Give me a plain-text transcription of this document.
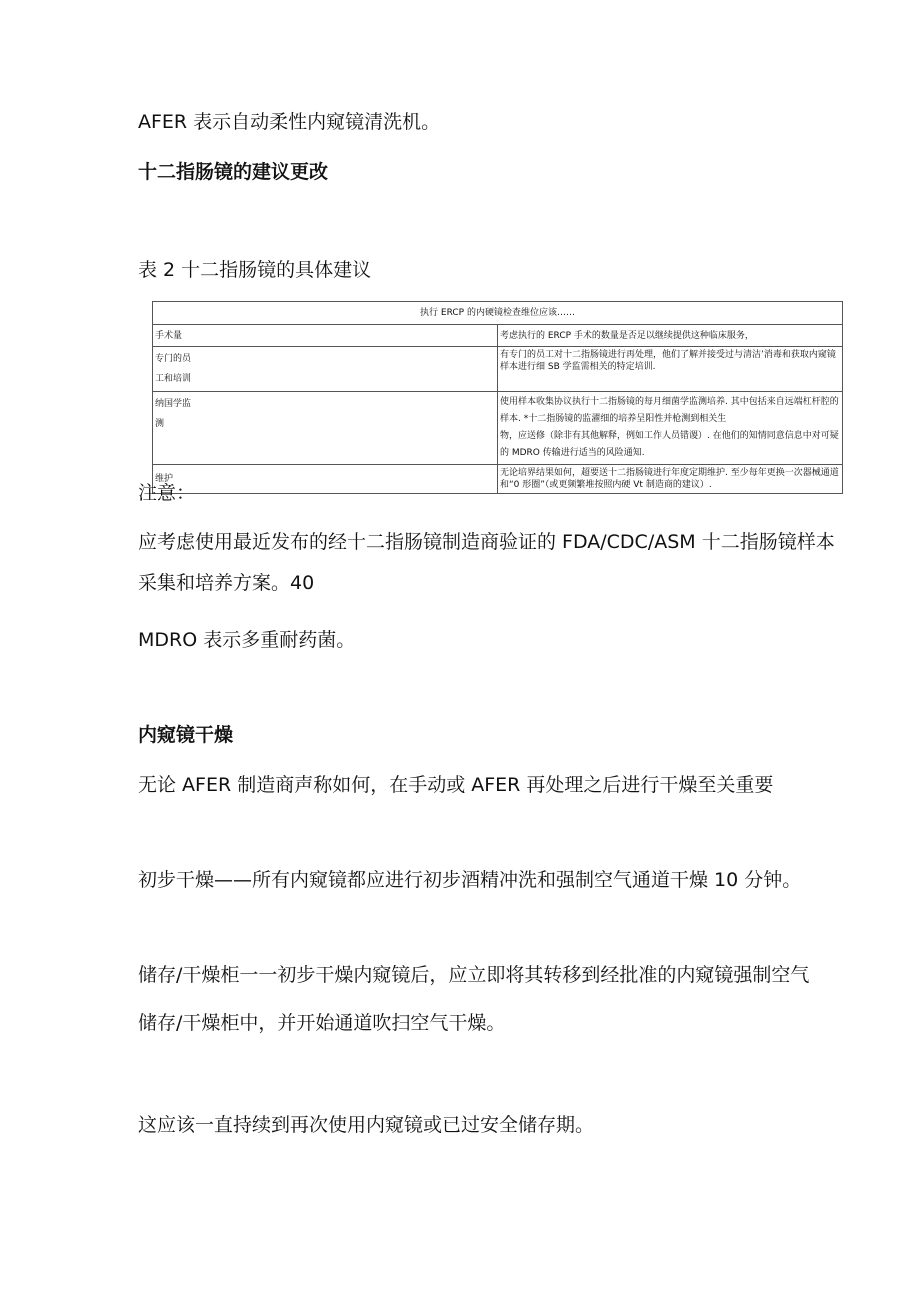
AFER 表示自动柔性内窥镜清洗机。
十二指肠镜的建议更改
表 2 十二指肠镜的具体建议
执行 ERCP 的内硬镜检查维位应该……	
手术量	考虑执行的 ERCP 手术的数量是否足以继续提供这种临床服务，

专门的员
工和培训	有专门的员工对十二指肠镜进行再处理，他们了解并接受过与清洁’消毒和获取内窥镜样本进行细 SB 学监需相关的特定培训.

纳国学监
测	使用样本收集协议执行十二指肠镜的每月细菌学监测培养. 其中包括来自远端杠杆腔的样本. *十二指肠镜的监濯细的培养呈阳性并枪测到相关生
物，应送修（除非有其他解释，例如工作人员错谡）. 在他们的知情同意信息中对可疑的 MDRO 传输进行适当的风险通知.

维护	无论培界结果如何，超要送十二指肠镜进行年度定期维护. 至少每年更换一次器械通道和“0 形圈”（或更频繁堆按照内硬 Vt 制造商的建议）.
注意：
应考虑使用最近发布的经十二指肠镜制造商验证的 FDA/CDC/ASM 十二指肠镜样本
采集和培养方案。40
MDRO 表示多重耐药菌。
内窥镜干燥
无论 AFER 制造商声称如何，在手动或 AFER 再处理之后进行干燥至关重要
初步干燥——所有内窥镜都应进行初步酒精冲洗和强制空气通道干燥 10 分钟。
储存/干燥柜一一初步干燥内窥镜后，应立即将其转移到经批准的内窥镜强制空气
储存/干燥柜中，并开始通道吹扫空气干燥。
这应该一直持续到再次使用内窥镜或已过安全储存期。
